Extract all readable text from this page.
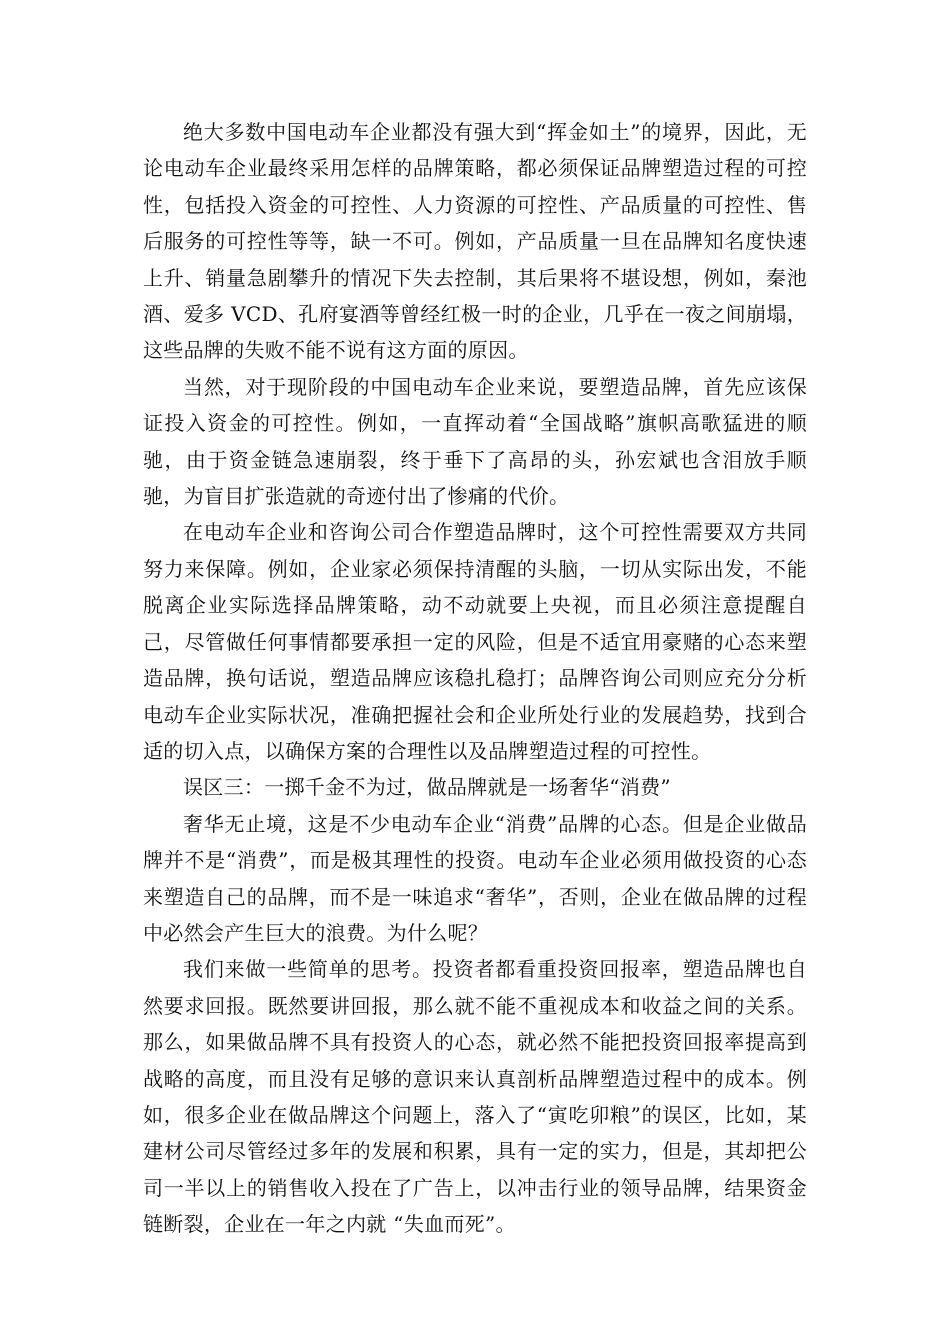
绝大多数中国电动车企业都没有强大到“挥金如土”的境界，因此，无论电动车企业最终采用怎样的品牌策略，都必须保证品牌塑造过程的可控性，包括投入资金的可控性、人力资源的可控性、产品质量的可控性、售后服务的可控性等等，缺一不可。例如，产品质量一旦在品牌知名度快速上升、销量急剧攀升的情况下失去控制，其后果将不堪设想，例如，秦池酒、爱多 VCD、孔府宴酒等曾经红极一时的企业，几乎在一夜之间崩塌，这些品牌的失败不能不说有这方面的原因。

当然，对于现阶段的中国电动车企业来说，要塑造品牌，首先应该保证投入资金的可控性。例如，一直挥动着“全国战略”旗帜高歌猛进的顺驰，由于资金链急速崩裂，终于垂下了高昂的头，孙宏斌也含泪放手顺驰，为盲目扩张造就的奇迹付出了惨痛的代价。

在电动车企业和咨询公司合作塑造品牌时，这个可控性需要双方共同努力来保障。例如，企业家必须保持清醒的头脑，一切从实际出发，不能脱离企业实际选择品牌策略，动不动就要上央视，而且必须注意提醒自己，尽管做任何事情都要承担一定的风险，但是不适宜用豪赌的心态来塑造品牌，换句话说，塑造品牌应该稳扎稳打；品牌咨询公司则应充分分析电动车企业实际状况，准确把握社会和企业所处行业的发展趋势，找到合适的切入点，以确保方案的合理性以及品牌塑造过程的可控性。

误区三：一掷千金不为过，做品牌就是一场奢华“消费”

奢华无止境，这是不少电动车企业“消费”品牌的心态。但是企业做品牌并不是“消费”，而是极其理性的投资。电动车企业必须用做投资的心态来塑造自己的品牌，而不是一味追求“奢华”，否则，企业在做品牌的过程中必然会产生巨大的浪费。为什么呢？

我们来做一些简单的思考。投资者都看重投资回报率，塑造品牌也自然要求回报。既然要讲回报，那么就不能不重视成本和收益之间的关系。那么，如果做品牌不具有投资人的心态，就必然不能把投资回报率提高到战略的高度，而且没有足够的意识来认真剖析品牌塑造过程中的成本。例如，很多企业在做品牌这个问题上，落入了“寅吃卯粮”的误区，比如，某建材公司尽管经过多年的发展和积累，具有一定的实力，但是，其却把公司一半以上的销售收入投在了广告上，以冲击行业的领导品牌，结果资金链断裂，企业在一年之内就 “失血而死”。
